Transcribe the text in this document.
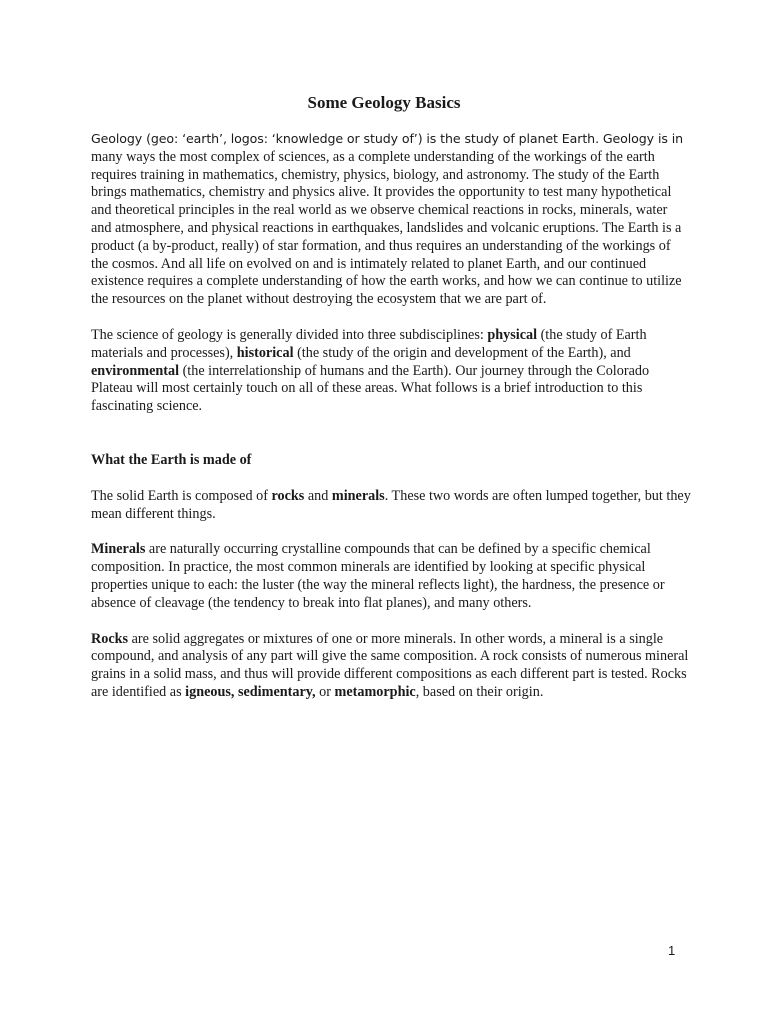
Some Geology Basics

Geology (geo: ‘earth’, logos: ‘knowledge or study of’) is the study of planet Earth. Geology is in many ways the most complex of sciences, as a complete understanding of the workings of the earth requires training in mathematics, chemistry, physics, biology, and astronomy. The study of the Earth brings mathematics, chemistry and physics alive. It provides the opportunity to test many hypothetical and theoretical principles in the real world as we observe chemical reactions in rocks, minerals, water and atmosphere, and physical reactions in earthquakes, landslides and volcanic eruptions. The Earth is a product (a by-product, really) of star formation, and thus requires an understanding of the workings of the cosmos. And all life on evolved on and is intimately related to planet Earth, and our continued existence requires a complete understanding of how the earth works, and how we can continue to utilize the resources on the planet without destroying the ecosystem that we are part of.

The science of geology is generally divided into three subdisciplines: physical (the study of Earth materials and processes), historical (the study of the origin and development of the Earth), and environmental (the interrelationship of humans and the Earth). Our journey through the Colorado Plateau will most certainly touch on all of these areas. What follows is a brief introduction to this fascinating science.

What the Earth is made of

The solid Earth is composed of rocks and minerals. These two words are often lumped together, but they mean different things.

Minerals are naturally occurring crystalline compounds that can be defined by a specific chemical composition. In practice, the most common minerals are identified by looking at specific physical properties unique to each: the luster (the way the mineral reflects light), the hardness, the presence or absence of cleavage (the tendency to break into flat planes), and many others.

Rocks are solid aggregates or mixtures of one or more minerals. In other words, a mineral is a single compound, and analysis of any part will give the same composition. A rock consists of numerous mineral grains in a solid mass, and thus will provide different compositions as each different part is tested. Rocks are identified as igneous, sedimentary, or metamorphic, based on their origin.

1
